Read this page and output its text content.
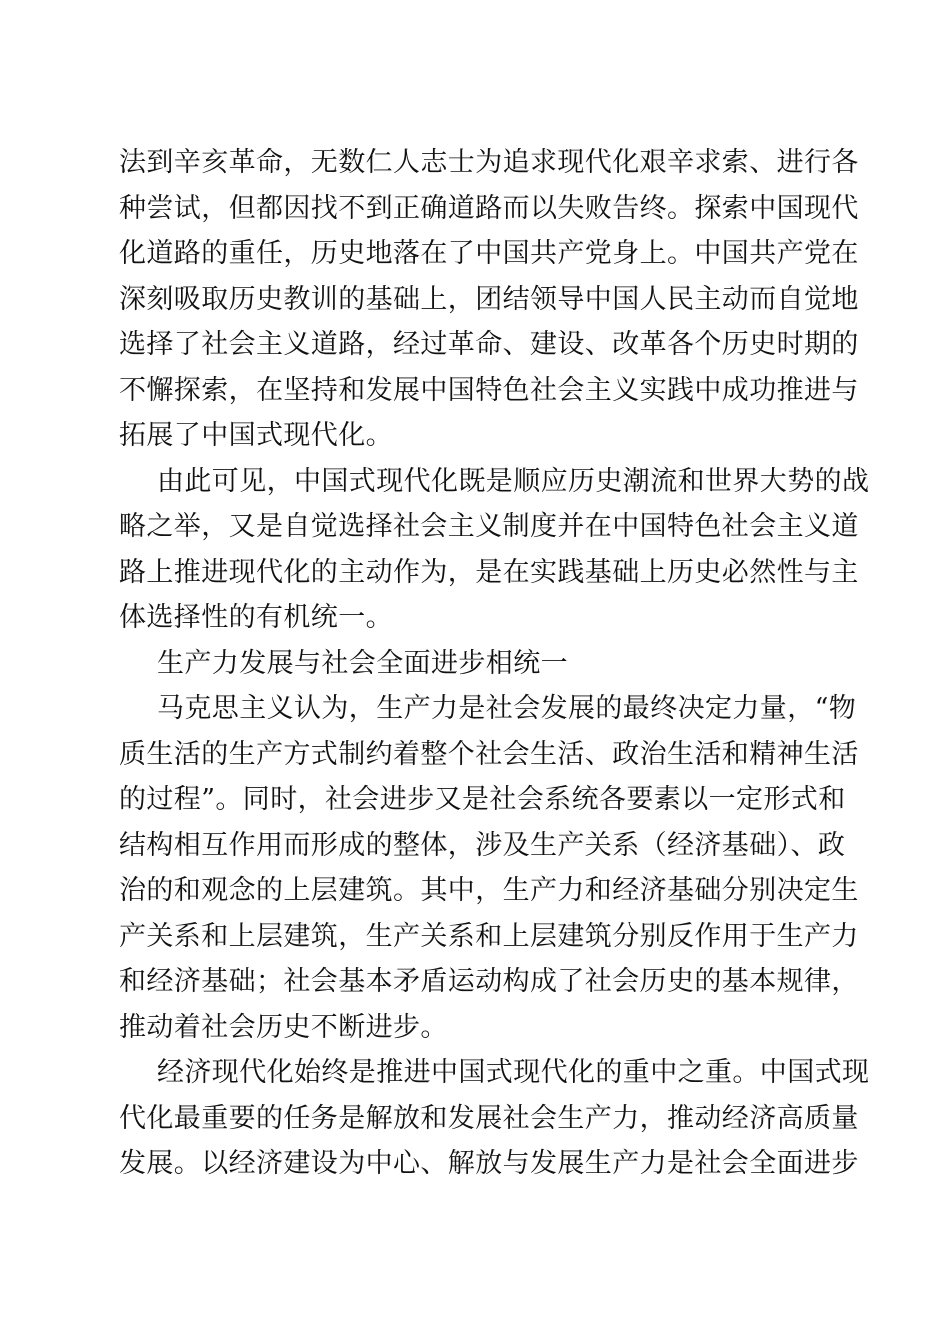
法到辛亥革命，无数仁人志士为追求现代化艰辛求索、进行各
种尝试，但都因找不到正确道路而以失败告终。探索中国现代
化道路的重任，历史地落在了中国共产党身上。中国共产党在
深刻吸取历史教训的基础上，团结领导中国人民主动而自觉地
选择了社会主义道路，经过革命、建设、改革各个历史时期的
不懈探索，在坚持和发展中国特色社会主义实践中成功推进与
拓展了中国式现代化。
由此可见，中国式现代化既是顺应历史潮流和世界大势的战
略之举，又是自觉选择社会主义制度并在中国特色社会主义道
路上推进现代化的主动作为，是在实践基础上历史必然性与主
体选择性的有机统一。
生产力发展与社会全面进步相统一
马克思主义认为，生产力是社会发展的最终决定力量，“物
质生活的生产方式制约着整个社会生活、政治生活和精神生活
的过程”。同时，社会进步又是社会系统各要素以一定形式和
结构相互作用而形成的整体，涉及生产关系（经济基础）、政
治的和观念的上层建筑。其中，生产力和经济基础分别决定生
产关系和上层建筑，生产关系和上层建筑分别反作用于生产力
和经济基础；社会基本矛盾运动构成了社会历史的基本规律，
推动着社会历史不断进步。
经济现代化始终是推进中国式现代化的重中之重。中国式现
代化最重要的任务是解放和发展社会生产力，推动经济高质量
发展。以经济建设为中心、解放与发展生产力是社会全面进步
